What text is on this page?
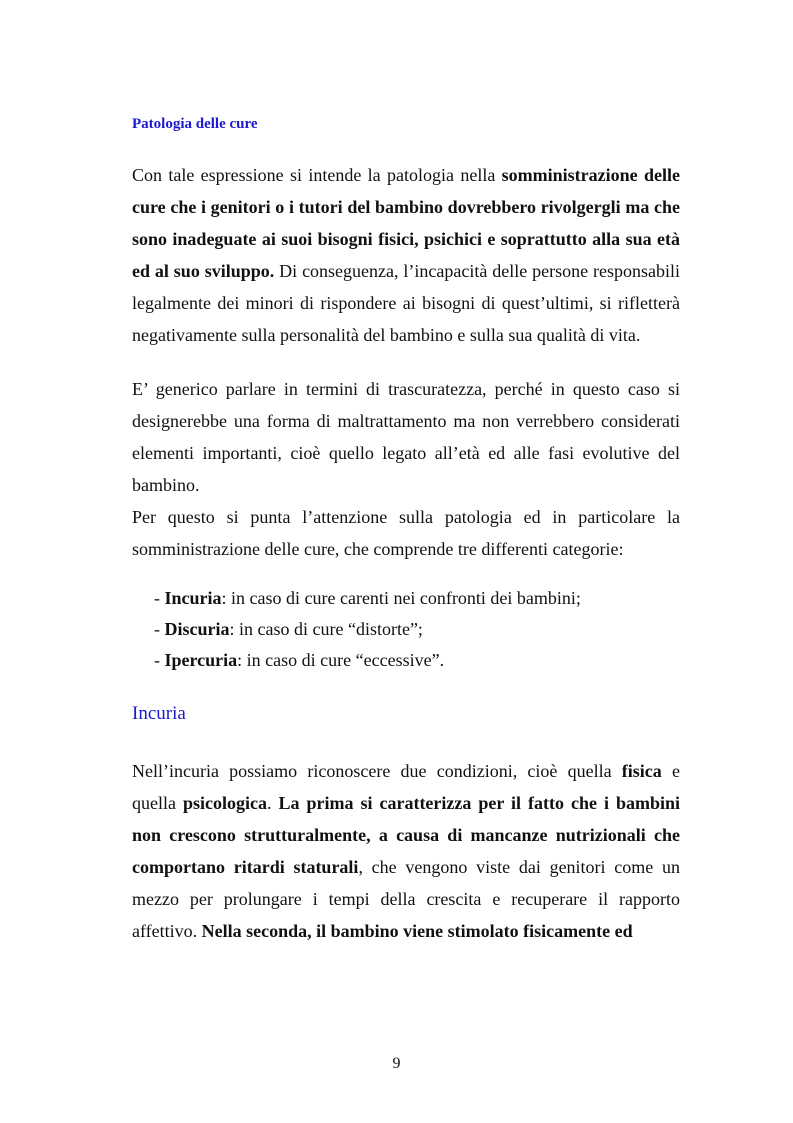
Patologia delle cure

Con tale espressione si intende la patologia nella somministrazione delle cure che i genitori o i tutori del bambino dovrebbero rivolgergli ma che sono inadeguate ai suoi bisogni fisici, psichici e soprattutto alla sua età ed al suo sviluppo. Di conseguenza, l’incapacità delle persone responsabili legalmente dei minori di rispondere ai bisogni di quest’ultimi, si rifletterà negativamente sulla personalità del bambino e sulla sua qualità di vita.

E’ generico parlare in termini di trascuratezza, perché in questo caso si designerebbe una forma di maltrattamento ma non verrebbero considerati elementi importanti, cioè quello legato all’età ed alle fasi evolutive del bambino.

Per questo si punta l’attenzione sulla patologia ed in particolare la somministrazione delle cure, che comprende tre differenti categorie:

- Incuria: in caso di cure carenti nei confronti dei bambini;
- Discuria: in caso di cure “distorte”;
- Ipercuria: in caso di cure “eccessive”.
Incuria

Nell’incuria possiamo riconoscere due condizioni, cioè quella fisica e quella psicologica. La prima si caratterizza per il fatto che i bambini non crescono strutturalmente, a causa di mancanze nutrizionali che comportano ritardi staturali, che vengono viste dai genitori come un mezzo per prolungare i tempi della crescita e recuperare il rapporto affettivo. Nella seconda, il bambino viene stimolato fisicamente ed

9
